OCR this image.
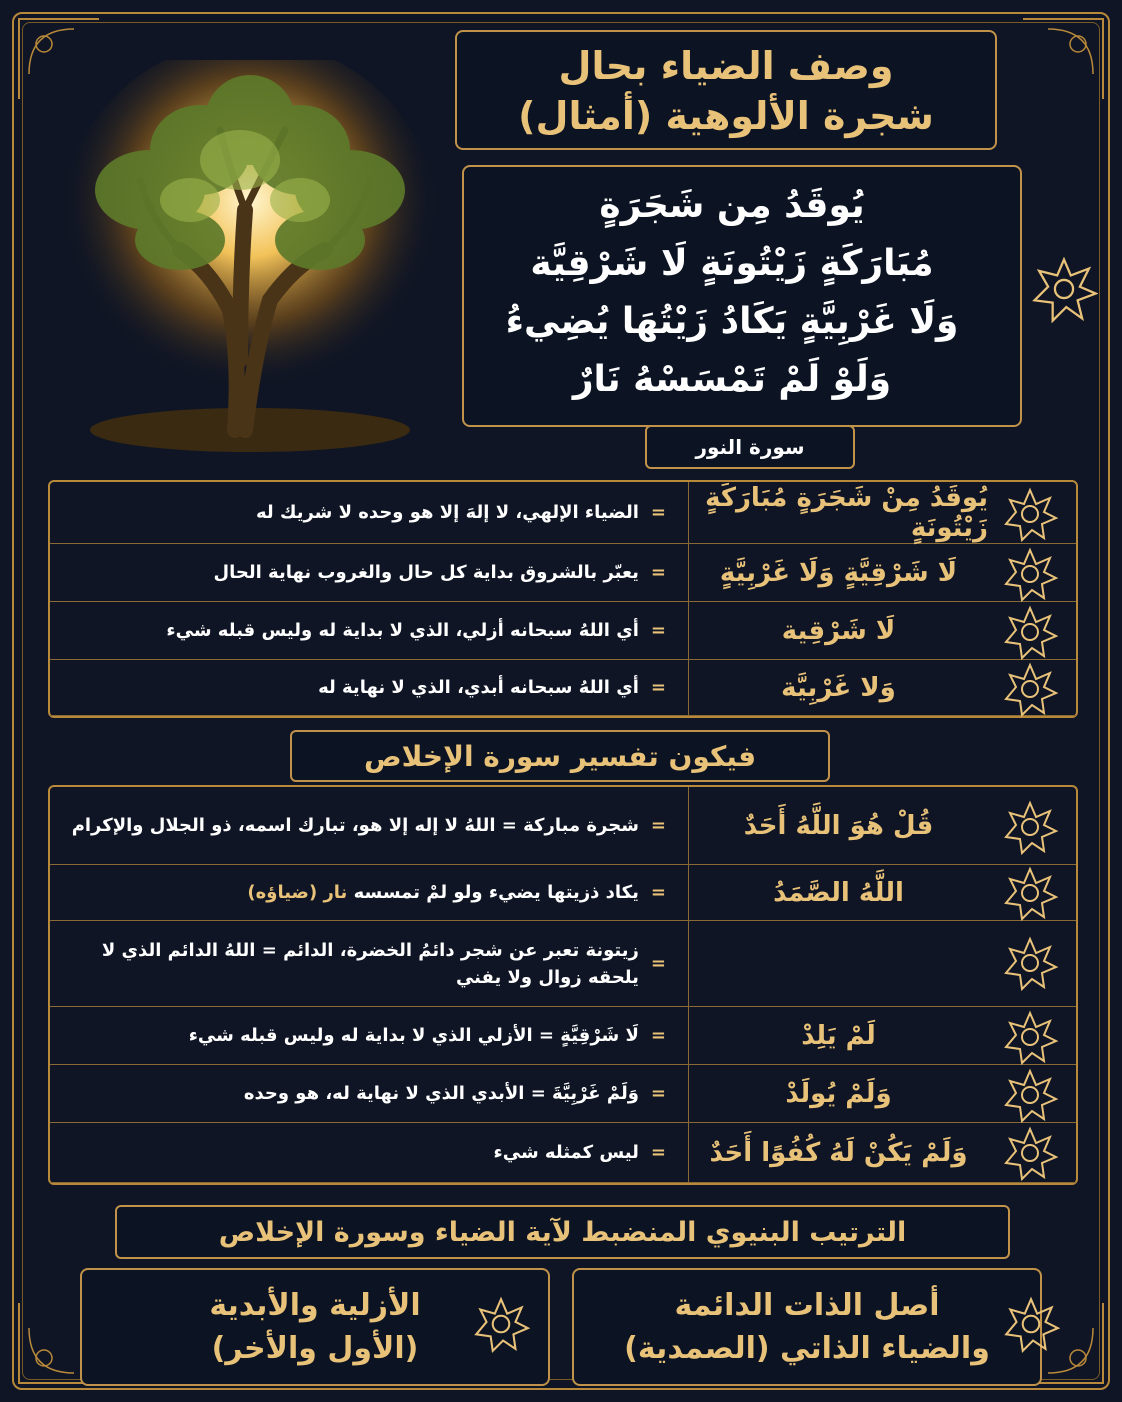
وصف الضياء بحال
شجرة الألوهية (أمثال)
يُوقَدُ مِن شَجَرَةٍ
مُبَارَكَةٍ زَيْتُونَةٍ لَا شَرْقِيَّة
وَلَا غَرْبِيَّةٍ يَكَادُ زَيْتُهَا يُضِيءُ
وَلَوْ لَمْ تَمْسَسْهُ نَارٌ
سورة النور
يُوقَدُ مِنْ شَجَرَةٍ مُبَارَكَةٍ زَيْتُونَةٍ
=
الضياء الإلهي، لا إلهَ إلا هو وحده لا شريك له
لَا شَرْقِيَّةٍ وَلَا غَرْبِيَّةٍ
=
يعبّر بالشروق بداية كل حال والغروب نهاية الحال
لَا شَرْقِية
=
أي اللهُ سبحانه أزلي، الذي لا بداية له وليس قبله شيء
وَلا غَرْبِيَّة
=
أي اللهُ سبحانه أبدي، الذي لا نهاية له
فيكون تفسير سورة الإخلاص
قُلْ هُوَ اللَّهُ أَحَدٌ
=
شجرة مباركة = اللهُ لا إله إلا هو، تبارك اسمه، ذو الجلال والإكرام
اللَّهُ الصَّمَدُ
=
يكاد ذزيتها يضيء ولو لمْ تمسسه

نار (ضياؤه)
=
زيتونة تعبر عن شجر دائمُ الخضرة، الدائم = اللهُ الدائم الذي لا يلحقه زوال ولا يفني
لَمْ يَلِدْ
=
لَا شَرْقِيَّةٍ = الأزلي الذي لا بداية له وليس قبله شيء
وَلَمْ يُولَدْ
=
وَلَمْ غَرْبِيَّةَ = الأبدي الذي لا نهاية له، هو وحده
وَلَمْ يَكُنْ لَهُ كُفُوًا أَحَدٌ
=
ليس كمثله شيء
الترتيب البنيوي المنضبط لآية الضياء وسورة الإخلاص
أصل الذات الدائمة
والضياء الذاتي (الصمدية)
الأزلية والأبدية
(الأول والأخر)
